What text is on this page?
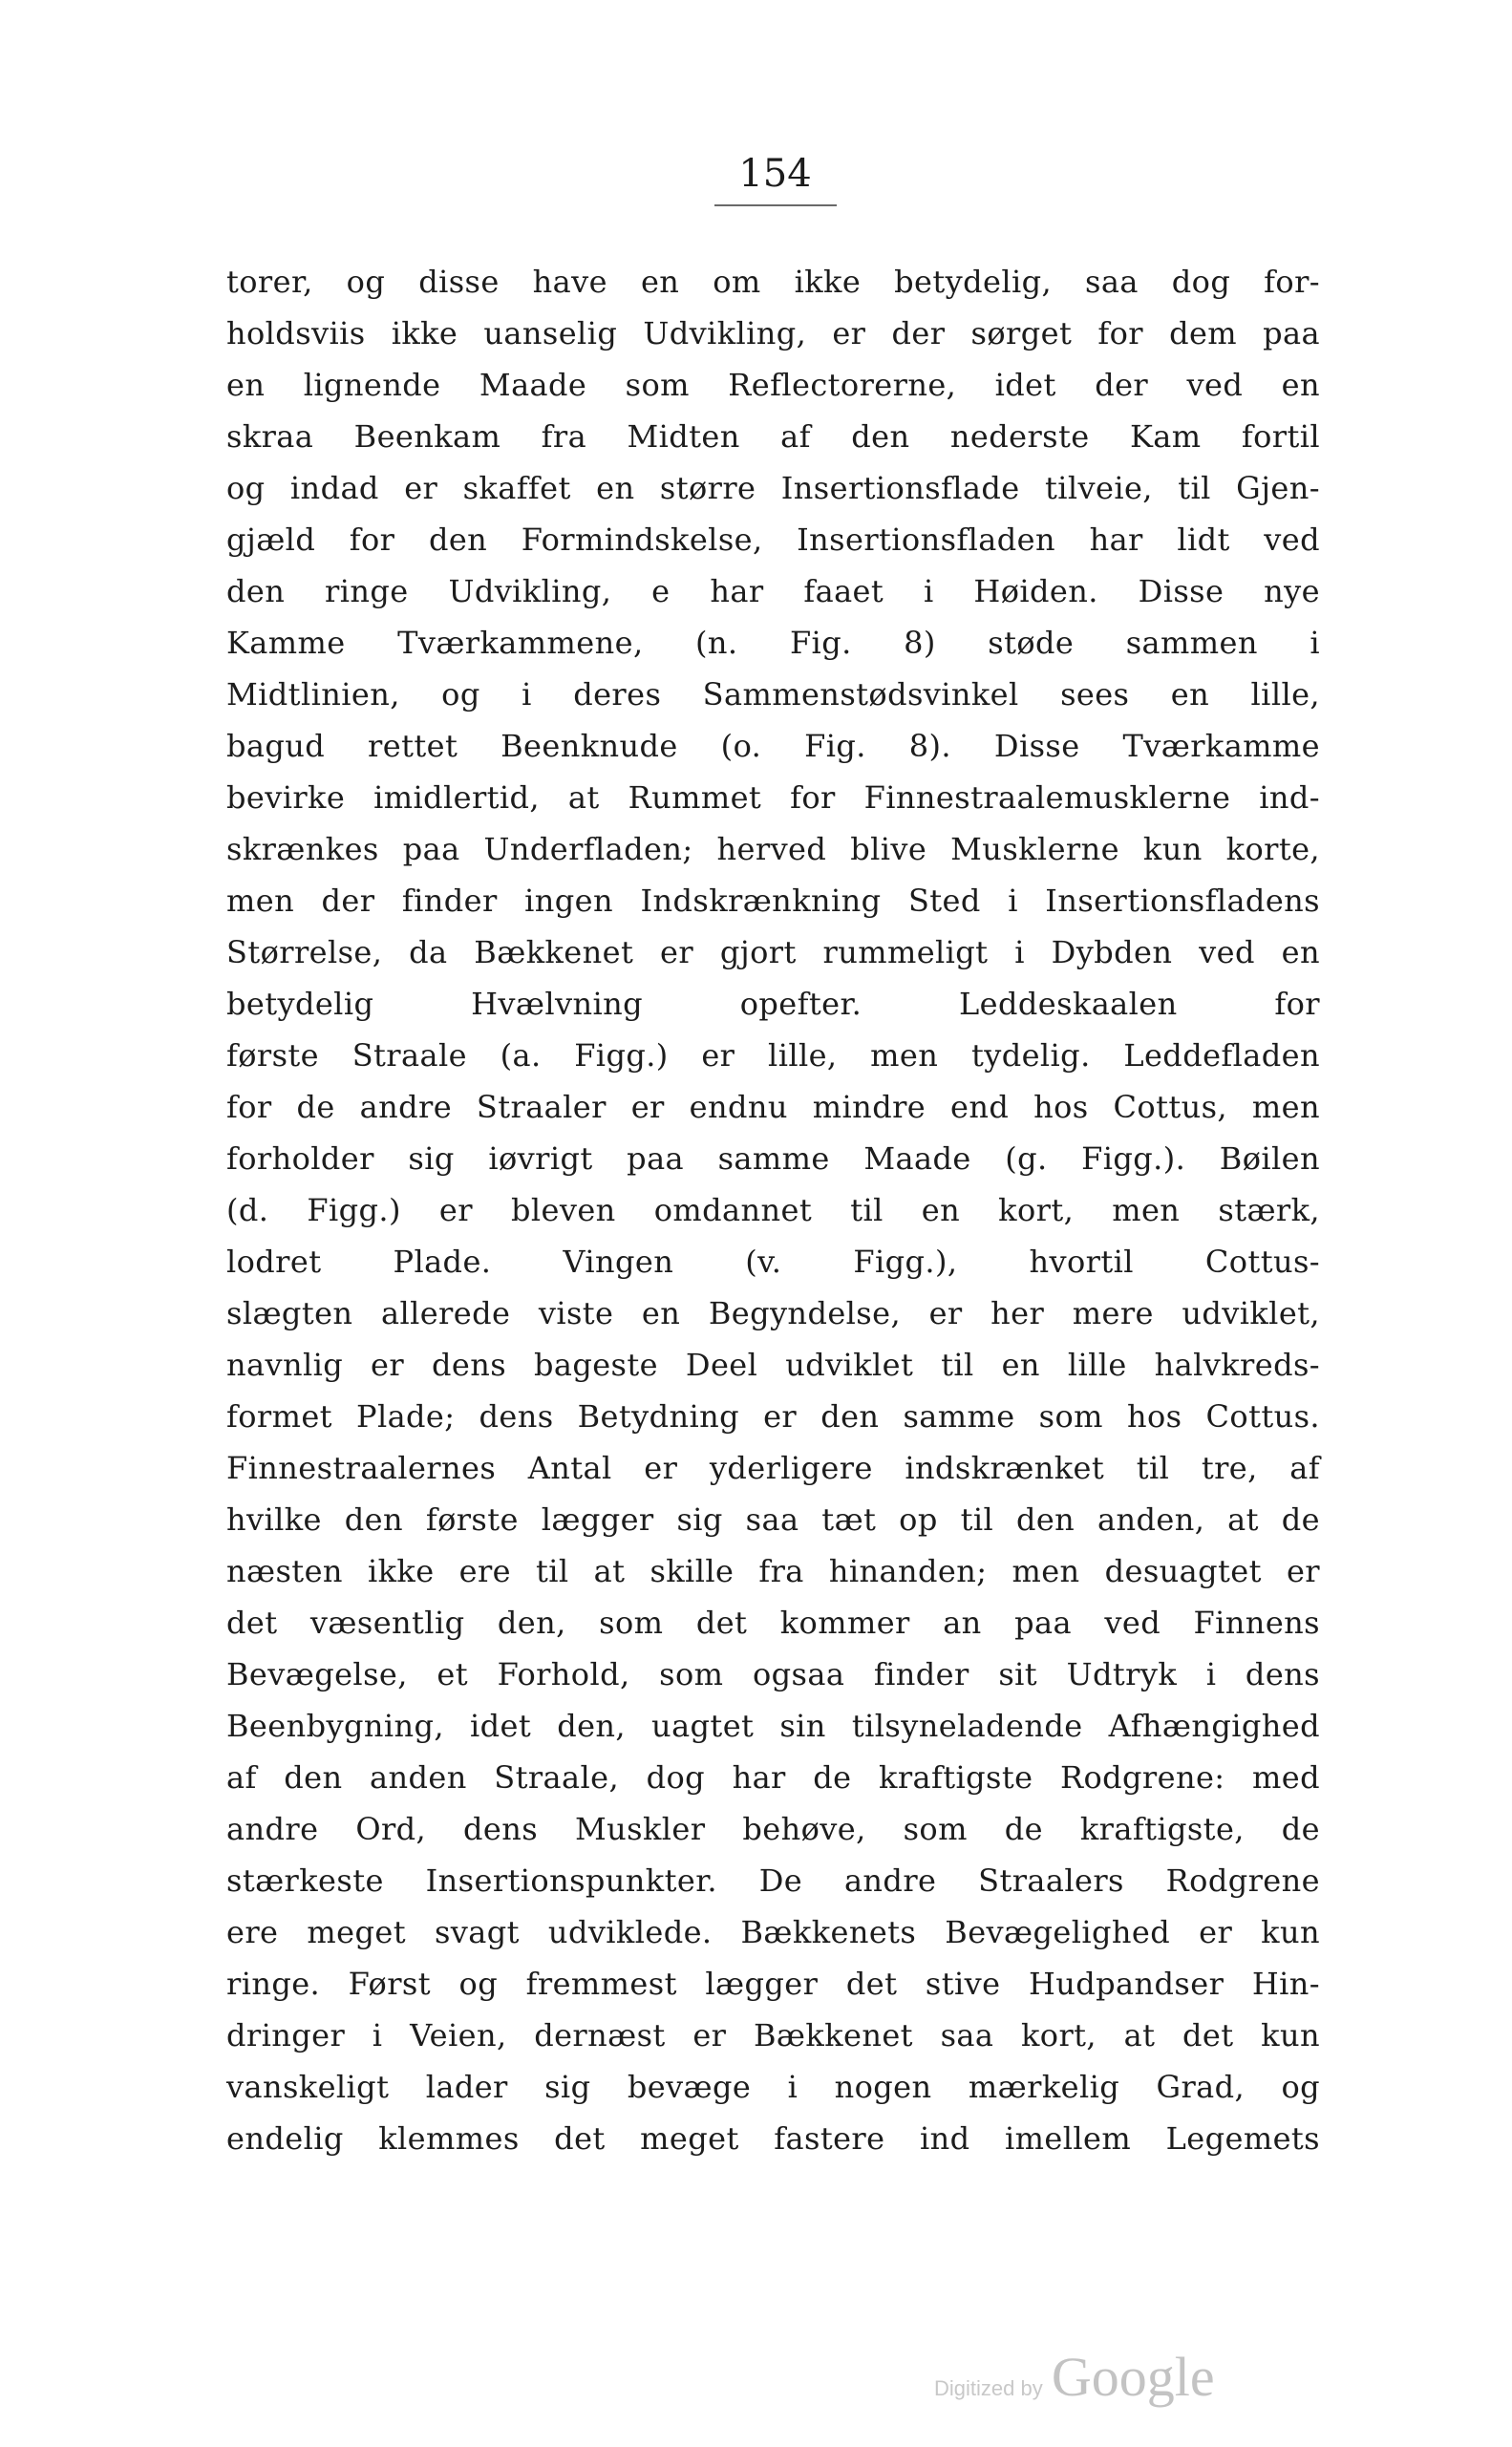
154
torer, og disse have en om ikke betydelig, saa dog for-
holdsviis ikke uanselig Udvikling, er der sørget for dem paa
en lignende Maade som Reflectorerne, idet der ved en
skraa Beenkam fra Midten af den nederste Kam fortil
og indad er skaffet en større Insertionsflade tilveie, til Gjen-
gjæld for den Formindskelse, Insertionsfladen har lidt ved
den ringe Udvikling, e har faaet i Høiden. Disse nye
Kamme Tværkammene, (n. Fig. 8) støde sammen i
Midtlinien, og i deres Sammenstødsvinkel sees en lille,
bagud rettet Beenknude (o. Fig. 8). Disse Tværkamme
bevirke imidlertid, at Rummet for Finnestraalemusklerne ind-
skrænkes paa Underfladen; herved blive Musklerne kun korte,
men der finder ingen Indskrænkning Sted i Insertionsfladens
Størrelse, da Bækkenet er gjort rummeligt i Dybden ved en
betydelig Hvælvning opefter. Leddeskaalen for
første Straale (a. Figg.) er lille, men tydelig. Leddefladen
for de andre Straaler er endnu mindre end hos Cottus, men
forholder sig iøvrigt paa samme Maade (g. Figg.). Bøilen
(d. Figg.) er bleven omdannet til en kort, men stærk,
lodret Plade. Vingen (v. Figg.), hvortil Cottus-
slægten allerede viste en Begyndelse, er her mere udviklet,
navnlig er dens bageste Deel udviklet til en lille halvkreds-
formet Plade; dens Betydning er den samme som hos Cottus.
Finnestraalernes Antal er yderligere indskrænket til tre, af
hvilke den første lægger sig saa tæt op til den anden, at de
næsten ikke ere til at skille fra hinanden; men desuagtet er
det væsentlig den, som det kommer an paa ved Finnens
Bevægelse, et Forhold, som ogsaa finder sit Udtryk i dens
Beenbygning, idet den, uagtet sin tilsyneladende Afhængighed
af den anden Straale, dog har de kraftigste Rodgrene: med
andre Ord, dens Muskler behøve, som de kraftigste, de
stærkeste Insertionspunkter. De andre Straalers Rodgrene
ere meget svagt udviklede. Bækkenets Bevægelighed er kun
ringe. Først og fremmest lægger det stive Hudpandser Hin-
dringer i Veien, dernæst er Bækkenet saa kort, at det kun
vanskeligt lader sig bevæge i nogen mærkelig Grad, og
endelig klemmes det meget fastere ind imellem Legemets
Digitized by Google
